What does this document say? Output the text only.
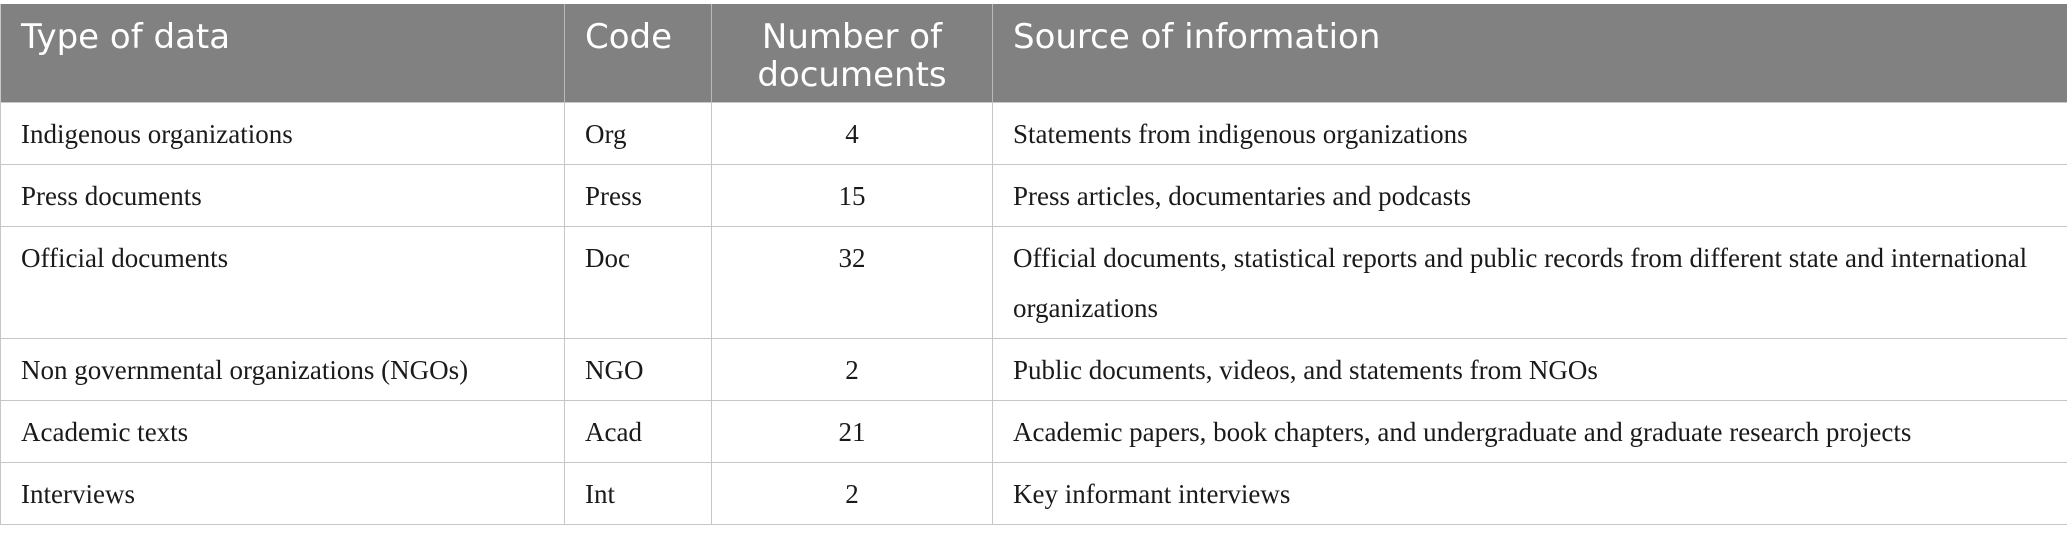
Type of data	Code	Number of documents	Source of information
Indigenous organizations	Org	4	Statements from indigenous organizations
Press documents	Press	15	Press articles, documentaries and podcasts
Official documents	Doc	32	Official documents, statistical reports and public records from different state and international organizations
Non governmental organizations (NGOs)	NGO	2	Public documents, videos, and statements from NGOs
Academic texts	Acad	21	Academic papers, book chapters, and undergraduate and graduate research projects
Interviews	Int	2	Key informant interviews
